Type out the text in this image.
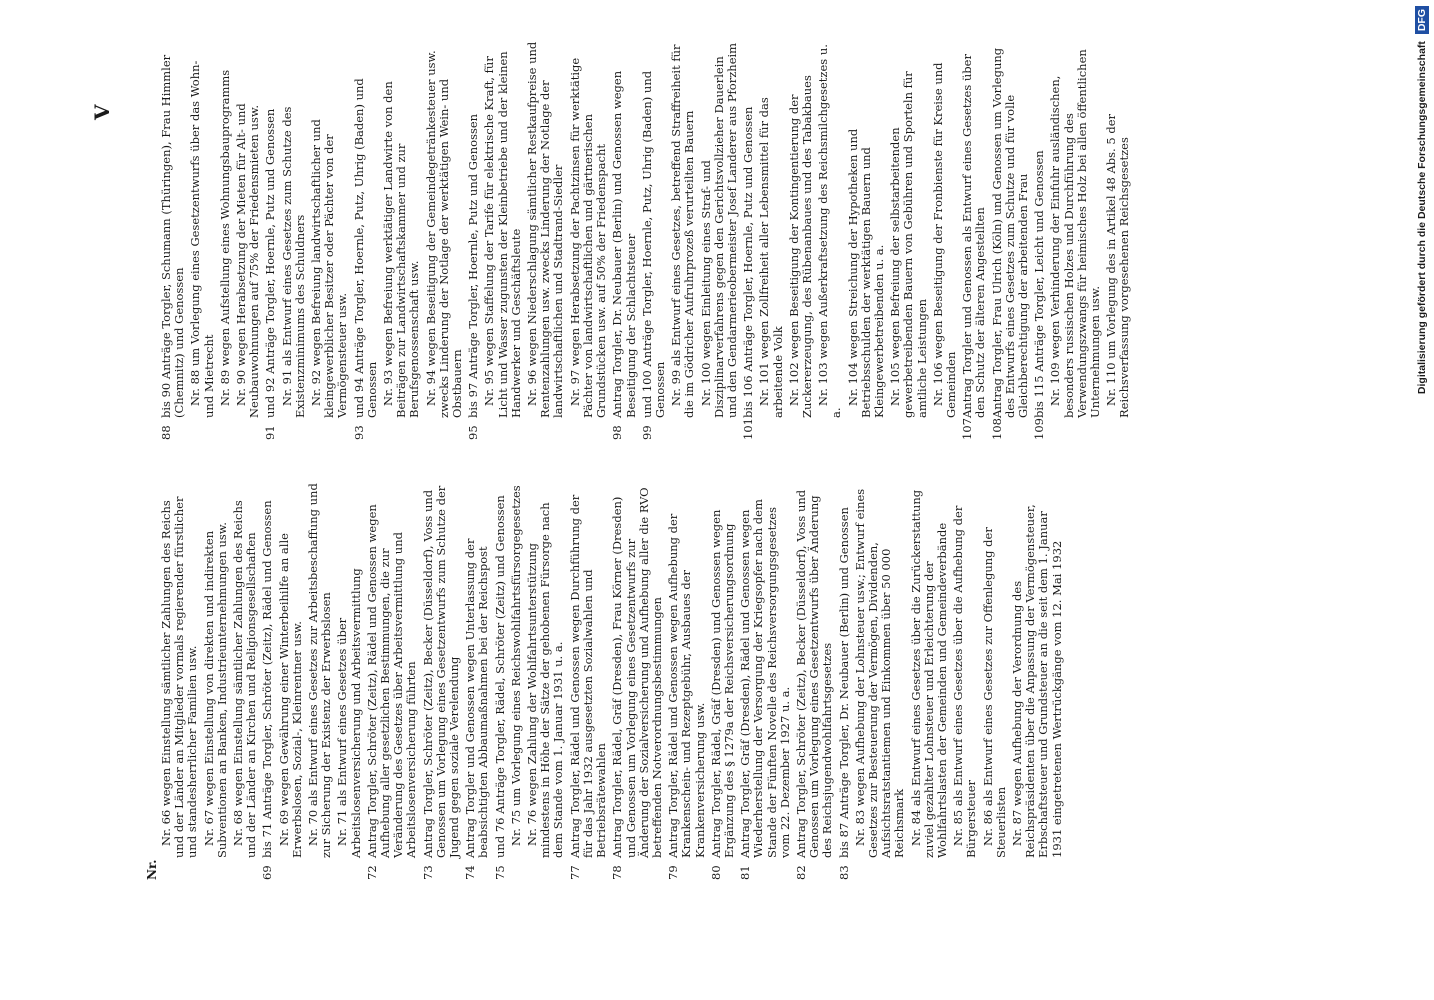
V
Nr.
Nr. 66 wegen Einstellung sämtlicher Zahlungen des Reichs und der Länder an Mitglieder vormals regierender fürstlicher und standesherrlicher Familien usw. Nr. 67 wegen Einstellung von direkten und indirekten Subventionen an Banken, Industrieunternehmungen usw. Nr. 68 wegen Einstellung sämtlicher Zahlungen des Reichs und der Länder an Kirchen und Religionsgesellschaften
69
bis 71 Anträge Torgler, Schröter (Zeitz), Rädel und Genossen Nr. 69 wegen Gewährung einer Winterbeihilfe an alle Erwerbslosen, Sozial-, Kleinrentner usw. Nr. 70 als Entwurf eines Gesetzes zur Arbeitsbeschaffung und zur Sicherung der Existenz der Erwerbslosen Nr. 71 als Entwurf eines Gesetzes über Arbeitslosenversicherung und Arbeitsvermittlung
72
Antrag Torgler, Schröter (Zeitz), Rädel und Genossen wegen Aufhebung aller gesetzlichen Bestimmungen, die zur Veränderung des Gesetzes über Arbeitsvermittlung und Arbeitslosenversicherung führten
73
Antrag Torgler, Schröter (Zeitz), Becker (Düsseldorf), Voss und Genossen um Vorlegung eines Gesetzentwurfs zum Schutze der Jugend gegen soziale Verelendung
74
Antrag Torgler und Genossen wegen Unterlassung der beabsichtigten Abbaumaßnahmen bei der Reichspost
75
und 76 Anträge Torgler, Rädel, Schröter (Zeitz) und Genossen Nr. 75 um Vorlegung eines Reichswohlfahrtsfürsorgegesetzes Nr. 76 wegen Zahlung der Wohlfahrtsunterstützung mindestens in Höhe der Sätze der gehobenen Fürsorge nach dem Stande vom 1. Januar 1931 u. a.
77
Antrag Torgler, Rädel und Genossen wegen Durchführung der für das Jahr 1932 ausgesetzten Sozialwahlen und Betriebsrätewahlen
78
Antrag Torgler, Rädel, Gräf (Dresden), Frau Körner (Dresden) und Genossen um Vorlegung eines Gesetzentwurfs zur Änderung der Sozialversicherung und Aufhebung aller die RVO betreffenden Notverordnungsbestimmungen
79
Antrag Torgler, Rädel und Genossen wegen Aufhebung der Krankenschein- und Rezeptgebühr, Ausbaues der Krankenversicherung usw.
80
Antrag Torgler, Rädel, Gräf (Dresden) und Genossen wegen Ergänzung des § 1279a der Reichsversicherungsordnung
81
Antrag Torgler, Gräf (Dresden), Rädel und Genossen wegen Wiederherstellung der Versorgung der Kriegsopfer nach dem Stande der Fünften Novelle des Reichsversorgungsgesetzes vom 22. Dezember 1927 u. a.
82
Antrag Torgler, Schröter (Zeitz), Becker (Düsseldorf), Voss und Genossen um Vorlegung eines Gesetzentwurfs über Änderung des Reichsjugendwohlfahrtsgesetzes
83
bis 87 Anträge Torgler, Dr. Neubauer (Berlin) und Genossen Nr. 83 wegen Aufhebung der Lohnsteuer usw.; Entwurf eines Gesetzes zur Besteuerung der Vermögen, Dividenden, Aufsichtsratstantiemen und Einkommen über 50 000 Reichsmark Nr. 84 als Entwurf eines Gesetzes über die Zurückerstattung zuviel gezahlter Lohnsteuer und Erleichterung der Wohlfahrtslasten der Gemeinden und Gemeindeverbände Nr. 85 als Entwurf eines Gesetzes über die Aufhebung der Bürgersteuer Nr. 86 als Entwurf eines Gesetzes zur Offenlegung der Steuerlisten Nr. 87 wegen Aufhebung der Verordnung des Reichspräsidenten über die Anpassung der Vermögensteuer, Erbschaftsteuer und Grundsteuer an die seit dem 1. Januar 1931 eingetretenen Wertrückgänge vom 12. Mai 1932
88
bis 90 Anträge Torgler, Schumann (Thüringen), Frau Himmler (Chemnitz) und Genossen Nr. 88 um Vorlegung eines Gesetzentwurfs über das Wohn- und Mietrecht Nr. 89 wegen Aufstellung eines Wohnungsbauprogramms Nr. 90 wegen Herabsetzung der Mieten für Alt- und Neubauwohnungen auf 75% der Friedensmieten usw.
91
und 92 Anträge Torgler, Hoernle, Putz und Genossen Nr. 91 als Entwurf eines Gesetzes zum Schutze des Existenzminimums des Schuldners Nr. 92 wegen Befreiung landwirtschaftlicher und kleingewerblicher Besitzer oder Pächter von der Vermögensteuer usw.
93
und 94 Anträge Torgler, Hoernle, Putz, Uhrig (Baden) und Genossen Nr. 93 wegen Befreiung werktätiger Landwirte von den Beiträgen zur Landwirtschaftskammer und zur Berufsgenossenschaft usw. Nr. 94 wegen Beseitigung der Gemeindegetränkesteuer usw. zwecks Linderung der Notlage der werktätigen Wein- und Obstbauern
95
bis 97 Anträge Torgler, Hoernle, Putz und Genossen Nr. 95 wegen Staffelung der Tarife für elektrische Kraft, für Licht und Wasser zugunsten der Kleinbetriebe und der kleinen Handwerker und Geschäftsleute Nr. 96 wegen Niederschlagung sämtlicher Restkaufpreise und Rentenzahlungen usw. zwecks Linderung der Notlage der landwirtschaftlichen und Stadtrand-Siedler Nr. 97 wegen Herabsetzung der Pachtzinsen für werktätige Pächter von landwirtschaftlichen und gärtnerischen Grundstücken usw. auf 50% der Friedenspacht
98
Antrag Torgler, Dr. Neubauer (Berlin) und Genossen wegen Beseitigung der Schlachtsteuer
99
und 100 Anträge Torgler, Hoernle, Putz, Uhrig (Baden) und Genossen Nr. 99 als Entwurf eines Gesetzes, betreffend Straffreiheit für die im Gödricher Aufruhrprozeß verurteilten Bauern Nr. 100 wegen Einleitung eines Straf- und Disziplinarverfahrens gegen den Gerichtsvollzieher Dauerlein und den Gendarmerieobermeister Josef Landerer aus Pforzheim
101
bis 106 Anträge Torgler, Hoernle, Putz und Genossen Nr. 101 wegen Zollfreiheit aller Lebensmittel für das arbeitende Volk Nr. 102 wegen Beseitigung der Kontingentierung der Zuckererzeugung, des Rübenanbaues und des Tabakbaues Nr. 103 wegen Außerkraftsetzung des Reichsmilchgesetzes u. a.
Nr. 104 wegen Streichung der Hypotheken und Betriebsschulden der werktätigen Bauern und Kleingewerbetreibenden u. a. Nr. 105 wegen Befreiung der selbstarbeitenden gewerbetreibenden Bauern von Gebühren und Sporteln für amtliche Leistungen Nr. 106 wegen Beseitigung der Fronbienste für Kreise und Gemeinden
107
Antrag Torgler und Genossen als Entwurf eines Gesetzes über den Schutz der älteren Angestellten
108
Antrag Torgler, Frau Ulrich (Köln) und Genossen um Vorlegung des Entwurfs eines Gesetzes zum Schutze und für volle Gleichberechtigung der arbeitenden Frau
109
bis 115 Anträge Torgler, Leicht und Genossen Nr. 109 wegen Verhinderung der Einfuhr ausländischen, besonders russischen Holzes und Durchführung des Verwendungszwangs für heimisches Holz bei allen öffentlichen Unternehmungen usw. Nr. 110 um Vorlegung des in Artikel 48 Abs. 5 der Reichsverfassung vorgesehenen Reichsgesetzes	Digitalisierung gefördert durch die Deutsche Forschungsgemeinschaft DFG
